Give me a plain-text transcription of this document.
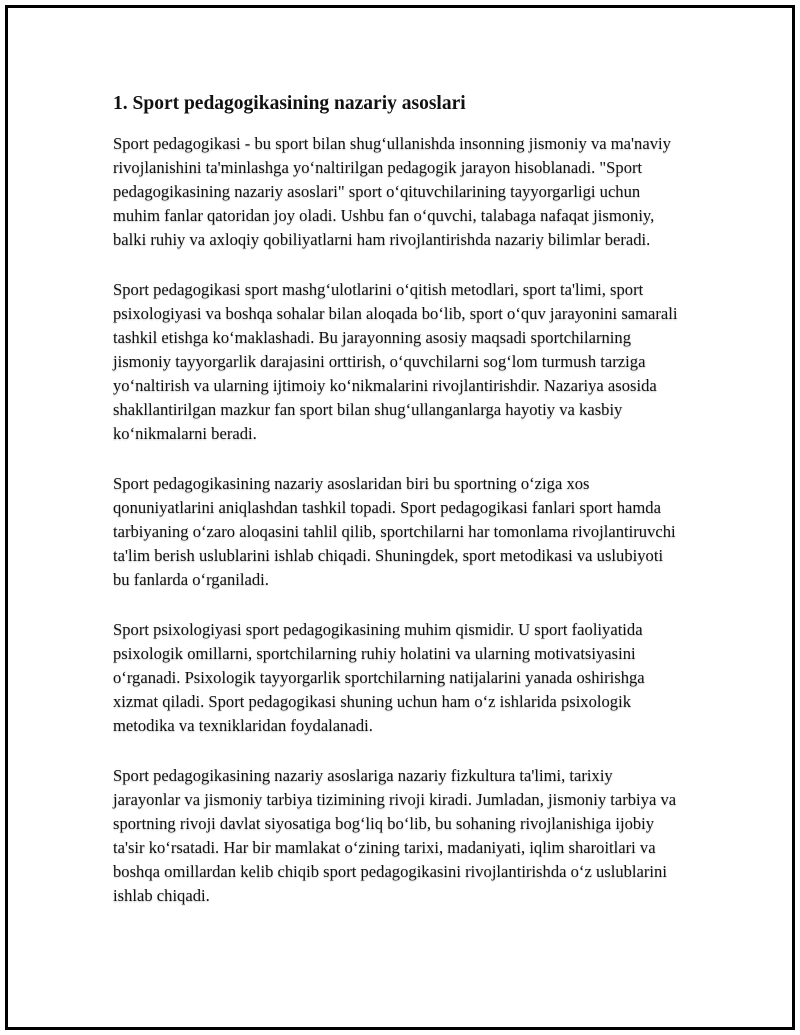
1. Sport pedagogikasining nazariy asoslari

Sport pedagogikasi - bu sport bilan shug‘ullanishda insonning jismoniy va ma'naviy rivojlanishini ta'minlashga yo‘naltirilgan pedagogik jarayon hisoblanadi. "Sport pedagogikasining nazariy asoslari" sport o‘qituvchilarining tayyorgarligi uchun muhim fanlar qatoridan joy oladi. Ushbu fan o‘quvchi, talabaga nafaqat jismoniy, balki ruhiy va axloqiy qobiliyatlarni ham rivojlantirishda nazariy bilimlar beradi.

Sport pedagogikasi sport mashg‘ulotlarini o‘qitish metodlari, sport ta'limi, sport psixologiyasi va boshqa sohalar bilan aloqada bo‘lib, sport o‘quv jarayonini samarali tashkil etishga ko‘maklashadi. Bu jarayonning asosiy maqsadi sportchilarning jismoniy tayyorgarlik darajasini orttirish, o‘quvchilarni sog‘lom turmush tarziga yo‘naltirish va ularning ijtimoiy ko‘nikmalarini rivojlantirishdir. Nazariya asosida shakllantirilgan mazkur fan sport bilan shug‘ullanganlarga hayotiy va kasbiy ko‘nikmalarni beradi.

Sport pedagogikasining nazariy asoslaridan biri bu sportning o‘ziga xos qonuniyatlarini aniqlashdan tashkil topadi. Sport pedagogikasi fanlari sport hamda tarbiyaning o‘zaro aloqasini tahlil qilib, sportchilarni har tomonlama rivojlantiruvchi ta'lim berish uslublarini ishlab chiqadi. Shuningdek, sport metodikasi va uslubiyoti bu fanlarda o‘rganiladi.

Sport psixologiyasi sport pedagogikasining muhim qismidir. U sport faoliyatida psixologik omillarni, sportchilarning ruhiy holatini va ularning motivatsiyasini o‘rganadi. Psixologik tayyorgarlik sportchilarning natijalarini yanada oshirishga xizmat qiladi. Sport pedagogikasi shuning uchun ham o‘z ishlarida psixologik metodika va texniklaridan foydalanadi.

Sport pedagogikasining nazariy asoslariga nazariy fizkultura ta'limi, tarixiy jarayonlar va jismoniy tarbiya tizimining rivoji kiradi. Jumladan, jismoniy tarbiya va sportning rivoji davlat siyosatiga bog‘liq bo‘lib, bu sohaning rivojlanishiga ijobiy ta'sir ko‘rsatadi. Har bir mamlakat o‘zining tarixi, madaniyati, iqlim sharoitlari va boshqa omillardan kelib chiqib sport pedagogikasini rivojlantirishda o‘z uslublarini ishlab chiqadi.
